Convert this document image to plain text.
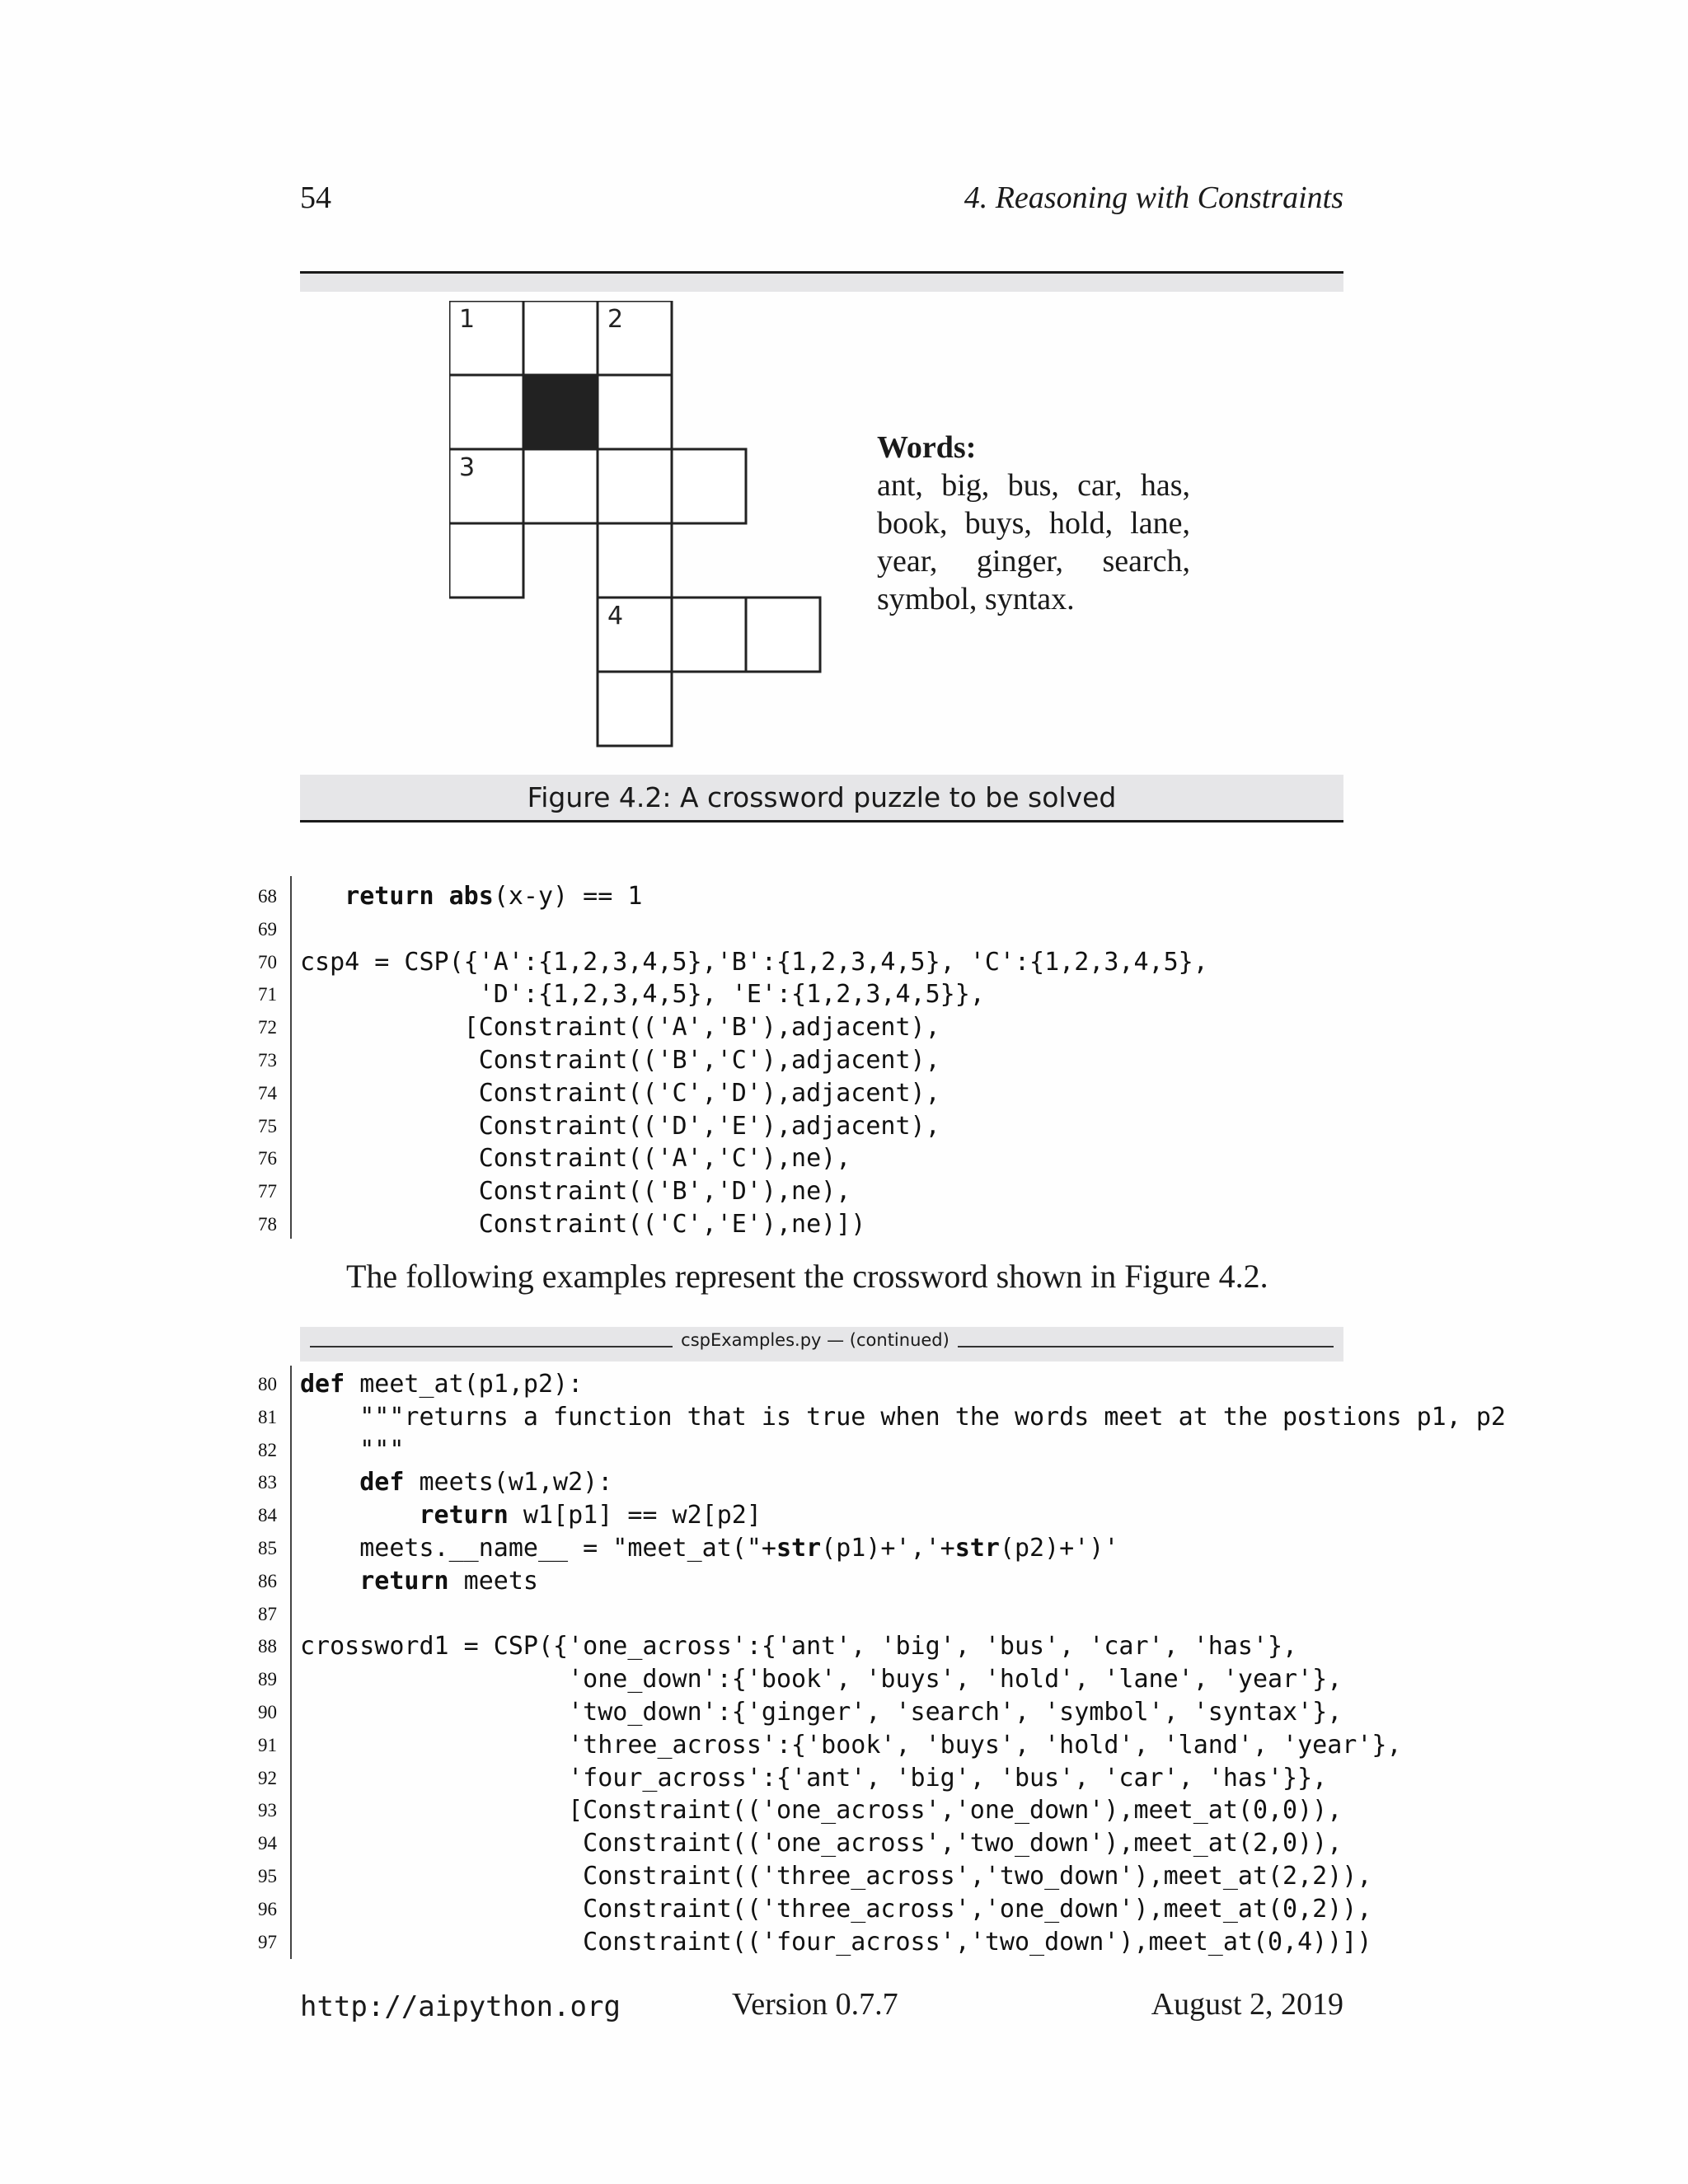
54	4. Reasoning with Constraints
1	2
3
4
Words:
ant, big, bus, car, has, book, buys, hold, lane, year, ginger, search, symbol, syntax.
Figure 4.2: A crossword puzzle to be solved
68	return abs(x-y) == 1
69
70 csp4 = CSP({'A':{1,2,3,4,5},'B':{1,2,3,4,5}, 'C':{1,2,3,4,5},
71 'D':{1,2,3,4,5}, 'E':{1,2,3,4,5}},
72 [Constraint(('A','B'),adjacent),
73 Constraint(('B','C'),adjacent),
74 Constraint(('C','D'),adjacent),
75 Constraint(('D','E'),adjacent),
76 Constraint(('A','C'),ne),
77 Constraint(('B','D'),ne),
78 Constraint(('C','E'),ne)])
The following examples represent the crossword shown in Figure 4.2.
cspExamples.py — (continued)
80 def meet_at(p1,p2):
81 """returns a function that is true when the words meet at the postions p1, p2
82 """
83	def meets(w1,w2):
84	return w1[p1] == w2[p2]
85 meets.__name__ = "meet_at("+str(p1)+','+str(p2)+')'
86	return meets
87
88 crossword1 = CSP({'one_across':{'ant', 'big', 'bus', 'car', 'has'},
89 'one_down':{'book', 'buys', 'hold', 'lane', 'year'},
90 'two_down':{'ginger', 'search', 'symbol', 'syntax'},
91 'three_across':{'book', 'buys', 'hold', 'land', 'year'},
92 'four_across':{'ant', 'big', 'bus', 'car', 'has'}},
93 [Constraint(('one_across','one_down'),meet_at(0,0)),
94 Constraint(('one_across','two_down'),meet_at(2,0)),
95 Constraint(('three_across','two_down'),meet_at(2,2)),
96 Constraint(('three_across','one_down'),meet_at(0,2)),
97 Constraint(('four_across','two_down'),meet_at(0,4))])
http://aipython.org	Version 0.7.7	August 2, 2019
